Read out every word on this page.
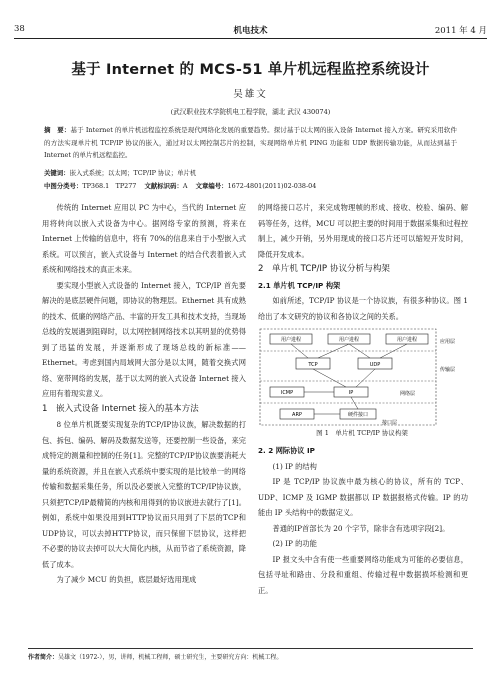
38	机电技术	2011 年 4 月
基于 Internet 的 MCS-51 单片机远程监控系统设计
吴雄文
(武汉职业技术学院机电工程学院，湖北 武汉 430074)
摘　要：基于 Internet 的单片机远程监控系统是现代网络化发展的重要趋势。探讨基于以太网的嵌入设备 Internet 接入方案。研究采用软件的方法实现单片机 TCP/IP 协议的嵌入，通过对以太网控制芯片的控制，实现网络单片机 PING 功能和 UDP 数据传输功能，从而达到基于 Internet 的单片机远程监控。
关键词：嵌入式系统；以太网；TCP/IP 协议；单片机
中图分类号：TP368.1　TP277 文献标识码：A 文章编号：1672-4801(2011)02-038-04

传统的 Internet 应用以 PC 为中心，当代的 Internet 应用将转向以嵌入式设备为中心。据网络专家的预测，将来在 Internet 上传输的信息中，将有 70%的信息来自于小型嵌入式系统。可以预言，嵌入式设备与 Internet 的结合代表着嵌入式系统和网络技术的真正未来。

要实现小型嵌入式设备的 Internet 接入，TCP/IP 首先要解决的是底层硬件问题，即协议的物理层。Ethernet 具有成熟的技术、低廉的网络产品、丰富的开发工具和技术支持，当现场总线的发展遇到阻碍时，以太网控制网络技术以其明显的优势得到了迅猛的发展，并逐渐形成了现场总线的新标准——Ethernet。考虑到国内局域网大部分是以太网，随着交换式网络、宽带网络的发展，基于以太网的嵌入式设备 Internet 接入应用有着现实意义。

1　嵌入式设备 Internet 接入的基本方法

8 位单片机既要实现复杂的TCP/IP协议族，解决数据的打包、拆包、编码、解码及数据发送等，还要控制一些设备，来完成特定的测量和控制的任务[1]。完整的TCP/IP协议族要消耗大量的系统资源，并且在嵌入式系统中要实现的是比较单一的网络传输和数据采集任务，所以没必要嵌入完整的TCP/IP协议族，只须把TCP/IP最精简的内核和用得到的协议嵌进去就行了[1]。例如，系统中如果没用到HTTP协议而只用到了下层的TCP和UDP协议，可以去掉HTTP协议，而只保留下层协议，这样把不必要的协议去掉可以大大简化内核，从而节省了系统资源，降低了成本。

为了减少 MCU 的负担，底层最好选用现成

的网络接口芯片，来完成物理帧的形成、接收、校验、编码、解码等任务，这样，MCU 可以把主要的时间用于数据采集和过程控制上，减少开销，另外用现成的接口芯片还可以缩短开发时间，降低开发成本。

2　单片机 TCP/IP 协议分析与构架

2.1 单片机 TCP/IP 构架

如前所述，TCP/IP 协议是一个协议族，有很多种协议。图 1 给出了本文研究的协议和各协议之间的关系。

用户进程	用户进程	用户进程	应用层
TCP	UDP
传输层
ICMP	IP	网络层
ARP	硬件接口
接口层
图 1　单片机 TCP/IP 协议构架

2. 2 网际协议 IP

(1) IP 的结构

IP 是 TCP/IP 协议族中最为核心的协议，所有的 TCP、UDP、ICMP 及 IGMP 数据都以 IP 数据报格式传输。IP 的功能由 IP 头结构中的数据定义。

普通的IP首部长为 20 个字节，除非含有选项字段[2]。

(2) IP 的功能

IP 报文头中含有使一些重要网络功能成为可能的必要信息，包括寻址和路由、分段和重组、传输过程中数据损坏检测和更正。

作者简介：吴雄文（1972-），男，讲师，机械工程师，硕士研究生，主要研究方向：机械工程。
